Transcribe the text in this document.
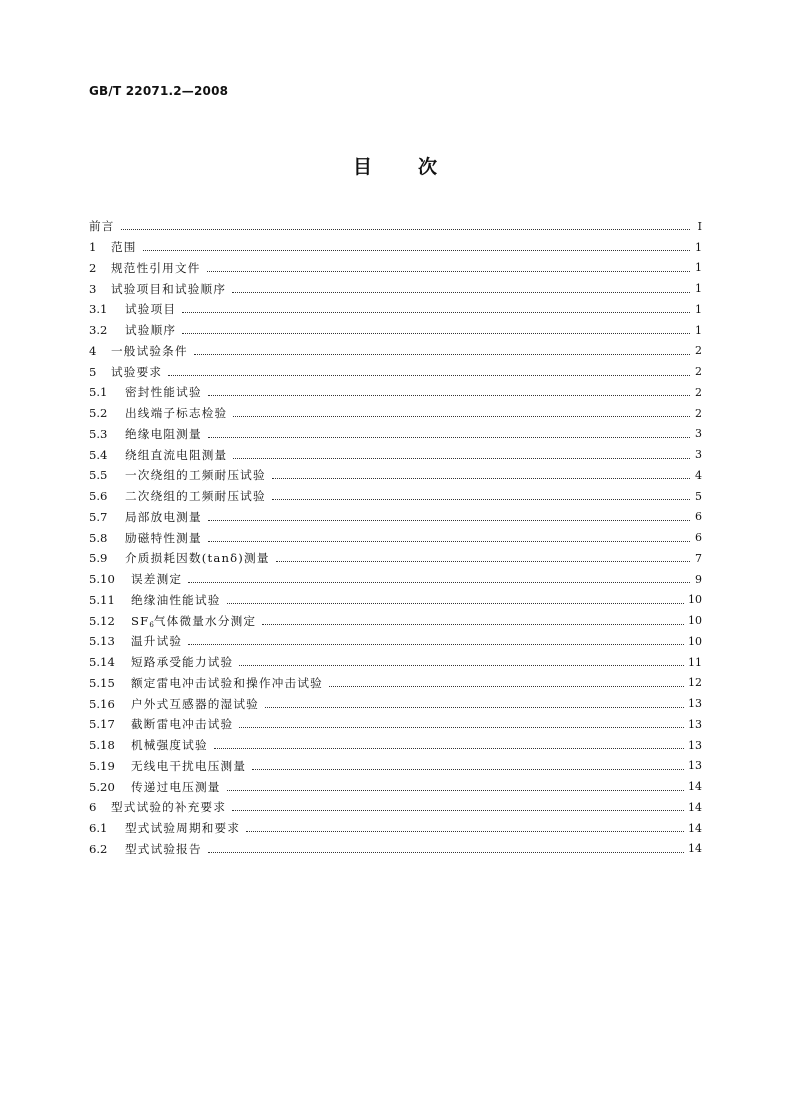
GB/T 22071.2—2008
目 次
前言	Ⅰ
1	范围	1
2	规范性引用文件	1
3	试验项目和试验顺序	1
3.1	试验项目	1
3.2	试验顺序	1
4	一般试验条件	2
5	试验要求	2
5.1	密封性能试验	2
5.2	出线端子标志检验	2
5.3	绝缘电阻测量	3
5.4	绕组直流电阻测量	3
5.5	一次绕组的工频耐压试验	4
5.6	二次绕组的工频耐压试验	5
5.7	局部放电测量	6
5.8	励磁特性测量	6
5.9	介质损耗因数(tanδ)测量	7
5.10	误差测定	9
5.11	绝缘油性能试验	10
5.12	$SF_6$气体微量水分测定	10
5.13	温升试验	10
5.14	短路承受能力试验	11
5.15	额定雷电冲击试验和操作冲击试验	12
5.16	户外式互感器的湿试验	13
5.17	截断雷电冲击试验	13
5.18	机械强度试验	13
5.19	无线电干扰电压测量	13
5.20	传递过电压测量	14
6	型式试验的补充要求	14
6.1	型式试验周期和要求	14
6.2	型式试验报告	14
